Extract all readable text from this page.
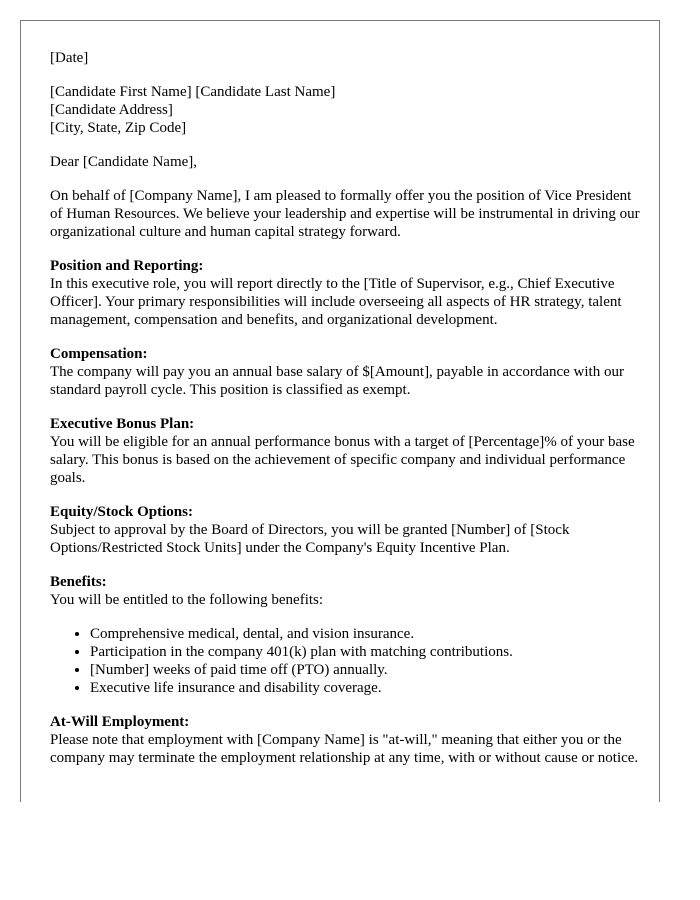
[Date]

[Candidate First Name] [Candidate Last Name]
[Candidate Address]
[City, State, Zip Code]

Dear [Candidate Name],

On behalf of [Company Name], I am pleased to formally offer you the position of Vice President of Human Resources. We believe your leadership and expertise will be instrumental in driving our organizational culture and human capital strategy forward.

Position and Reporting:
In this executive role, you will report directly to the [Title of Supervisor, e.g., Chief Executive Officer]. Your primary responsibilities will include overseeing all aspects of HR strategy, talent management, compensation and benefits, and organizational development.
Compensation:
The company will pay you an annual base salary of $[Amount], payable in accordance with our standard payroll cycle. This position is classified as exempt.
Executive Bonus Plan:
You will be eligible for an annual performance bonus with a target of [Percentage]% of your base salary. This bonus is based on the achievement of specific company and individual performance goals.
Equity/Stock Options:
Subject to approval by the Board of Directors, you will be granted [Number] of [Stock Options/Restricted Stock Units] under the Company's Equity Incentive Plan.
Benefits:
You will be entitled to the following benefits:
• Comprehensive medical, dental, and vision insurance.
• Participation in the company 401(k) plan with matching contributions.
• [Number] weeks of paid time off (PTO) annually.
• Executive life insurance and disability coverage.
At-Will Employment:
Please note that employment with [Company Name] is "at-will," meaning that either you or the company may terminate the employment relationship at any time, with or without cause or notice.
